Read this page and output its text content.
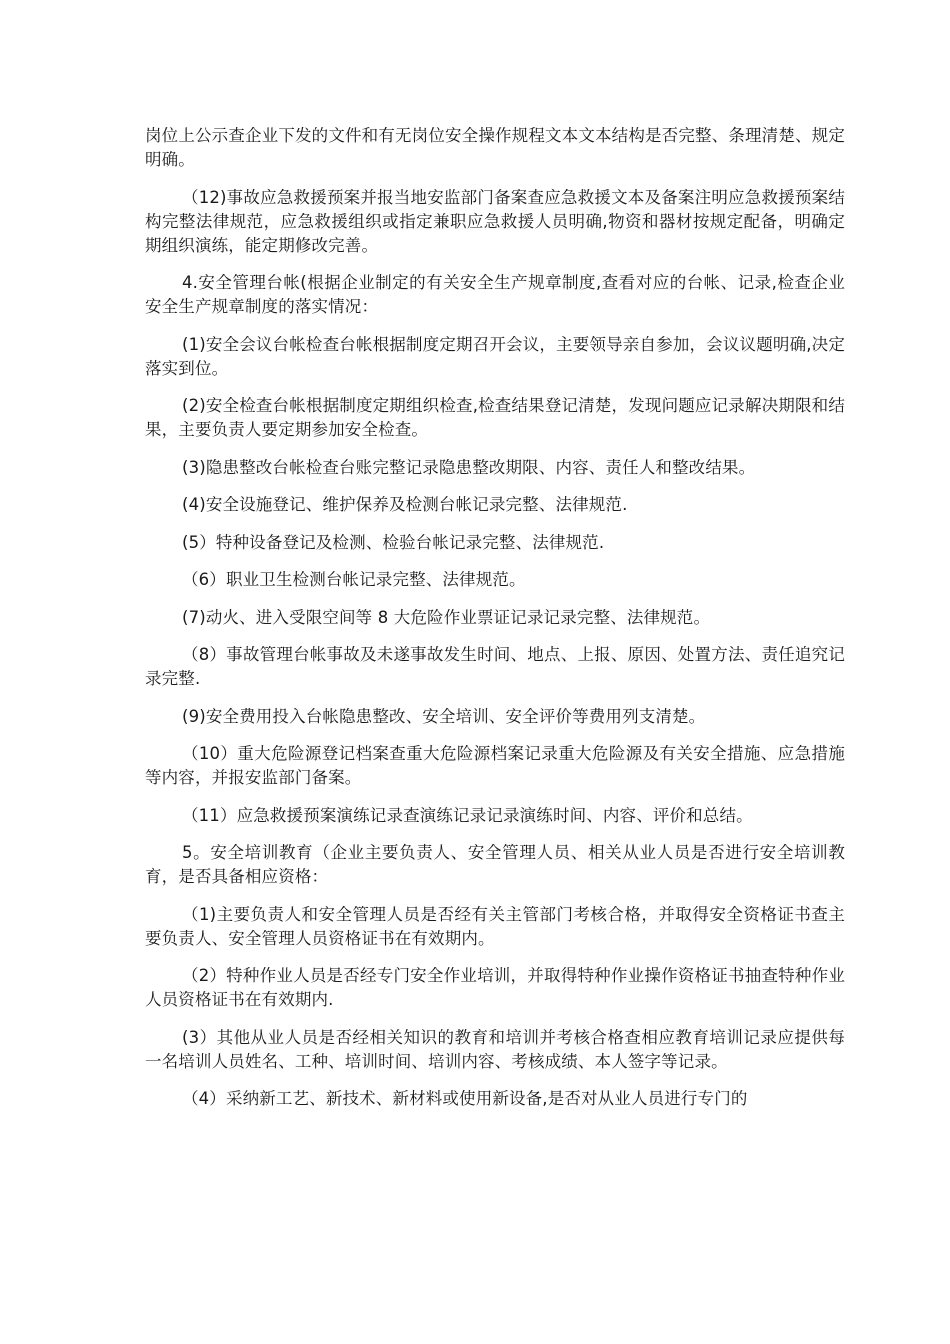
岗位上公示查企业下发的文件和有无岗位安全操作规程文本文本结构是否完整、条理清楚、规定明确。

（12)事故应急救援预案并报当地安监部门备案查应急救援文本及备案注明应急救援预案结构完整法律规范，应急救援组织或指定兼职应急救援人员明确,物资和器材按规定配备，明确定期组织演练，能定期修改完善。

4.安全管理台帐(根据企业制定的有关安全生产规章制度,查看对应的台帐、记录,检查企业安全生产规章制度的落实情况：

(1)安全会议台帐检查台帐根据制度定期召开会议，主要领导亲自参加，会议议题明确,决定落实到位。

(2)安全检查台帐根据制度定期组织检查,检查结果登记清楚，发现问题应记录解决期限和结果，主要负责人要定期参加安全检查。

(3)隐患整改台帐检查台账完整记录隐患整改期限、内容、责任人和整改结果。

(4)安全设施登记、维护保养及检测台帐记录完整、法律规范.

(5）特种设备登记及检测、检验台帐记录完整、法律规范.

（6）职业卫生检测台帐记录完整、法律规范。

(7)动火、进入受限空间等 8 大危险作业票证记录记录完整、法律规范。

（8）事故管理台帐事故及未遂事故发生时间、地点、上报、原因、处置方法、责任追究记录完整.

(9)安全费用投入台帐隐患整改、安全培训、安全评价等费用列支清楚。

（10）重大危险源登记档案查重大危险源档案记录重大危险源及有关安全措施、应急措施等内容，并报安监部门备案。

（11）应急救援预案演练记录查演练记录记录演练时间、内容、评价和总结。

5。安全培训教育（企业主要负责人、安全管理人员、相关从业人员是否进行安全培训教育，是否具备相应资格：

（1)主要负责人和安全管理人员是否经有关主管部门考核合格，并取得安全资格证书查主要负责人、安全管理人员资格证书在有效期内。

（2）特种作业人员是否经专门安全作业培训，并取得特种作业操作资格证书抽查特种作业人员资格证书在有效期内.

(3）其他从业人员是否经相关知识的教育和培训并考核合格查相应教育培训记录应提供每一名培训人员姓名、工种、培训时间、培训内容、考核成绩、本人签字等记录。

（4）采纳新工艺、新技术、新材料或使用新设备,是否对从业人员进行专门的
